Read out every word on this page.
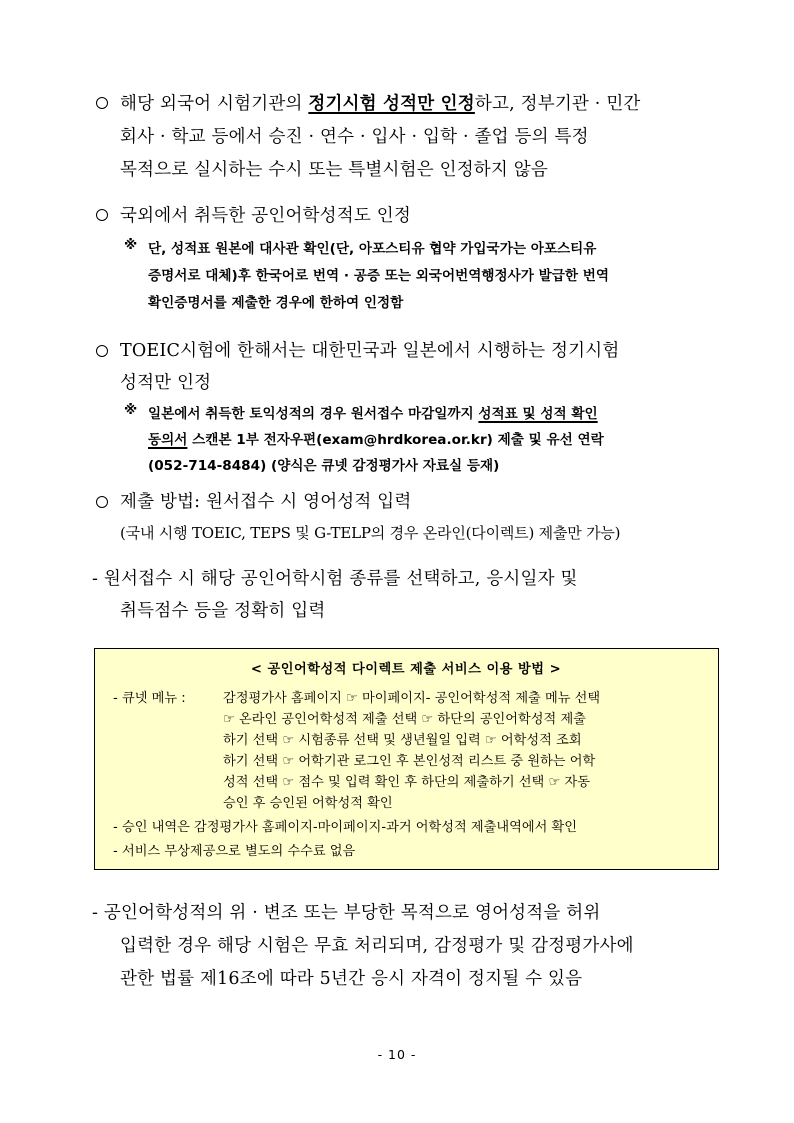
해당 외국어 시험기관의 정기시험 성적만 인정하고, 정부기관 · 민간
회사 · 학교 등에서 승진 · 연수 · 입사 · 입학 · 졸업 등의 특정
목적으로 실시하는 수시 또는 특별시험은 인정하지 않음
국외에서 취득한 공인어학성적도 인정
※ 단, 성적표 원본에 대사관 확인(단, 아포스티유 협약 가입국가는 아포스티유
증명서로 대체)후 한국어로 번역 · 공증 또는 외국어번역행정사가 발급한 번역
확인증명서를 제출한 경우에 한하여 인정함
TOEIC시험에 한해서는 대한민국과 일본에서 시행하는 정기시험
성적만 인정
※ 일본에서 취득한 토익성적의 경우 원서접수 마감일까지 성적표 및 성적 확인
동의서 스캔본 1부 전자우편(exam@hrdkorea.or.kr) 제출 및 유선 연락
(052-714-8484) (양식은 큐넷 감정평가사 자료실 등재)
제출 방법: 원서접수 시 영어성적 입력
(국내 시행 TOEIC, TEPS 및 G-TELP의 경우 온라인(다이렉트) 제출만 가능)
- 원서접수 시 해당 공인어학시험 종류를 선택하고, 응시일자 및
취득점수 등을 정확히 입력
< 공인어학성적 다이렉트 제출 서비스 이용 방법 >
- 큐넷 메뉴 :	감정평가사 홈페이지 ☞ 마이페이지- 공인어학성적 제출 메뉴 선택
☞ 온라인 공인어학성적 제출 선택 ☞ 하단의 공인어학성적 제출
하기 선택 ☞ 시험종류 선택 및 생년월일 입력 ☞ 어학성적 조회
하기 선택 ☞ 어학기관 로그인 후 본인성적 리스트 중 원하는 어학
성적 선택 ☞ 점수 및 입력 확인 후 하단의 제출하기 선택 ☞ 자동
승인 후 승인된 어학성적 확인
- 승인 내역은 감정평가사 홈페이지-마이페이지-과거 어학성적 제출내역에서 확인
- 서비스 무상제공으로 별도의 수수료 없음
- 공인어학성적의 위 · 변조 또는 부당한 목적으로 영어성적을 허위
입력한 경우 해당 시험은 무효 처리되며, 감정평가 및 감정평가사에
관한 법률 제16조에 따라 5년간 응시 자격이 정지될 수 있음
- 10 -
